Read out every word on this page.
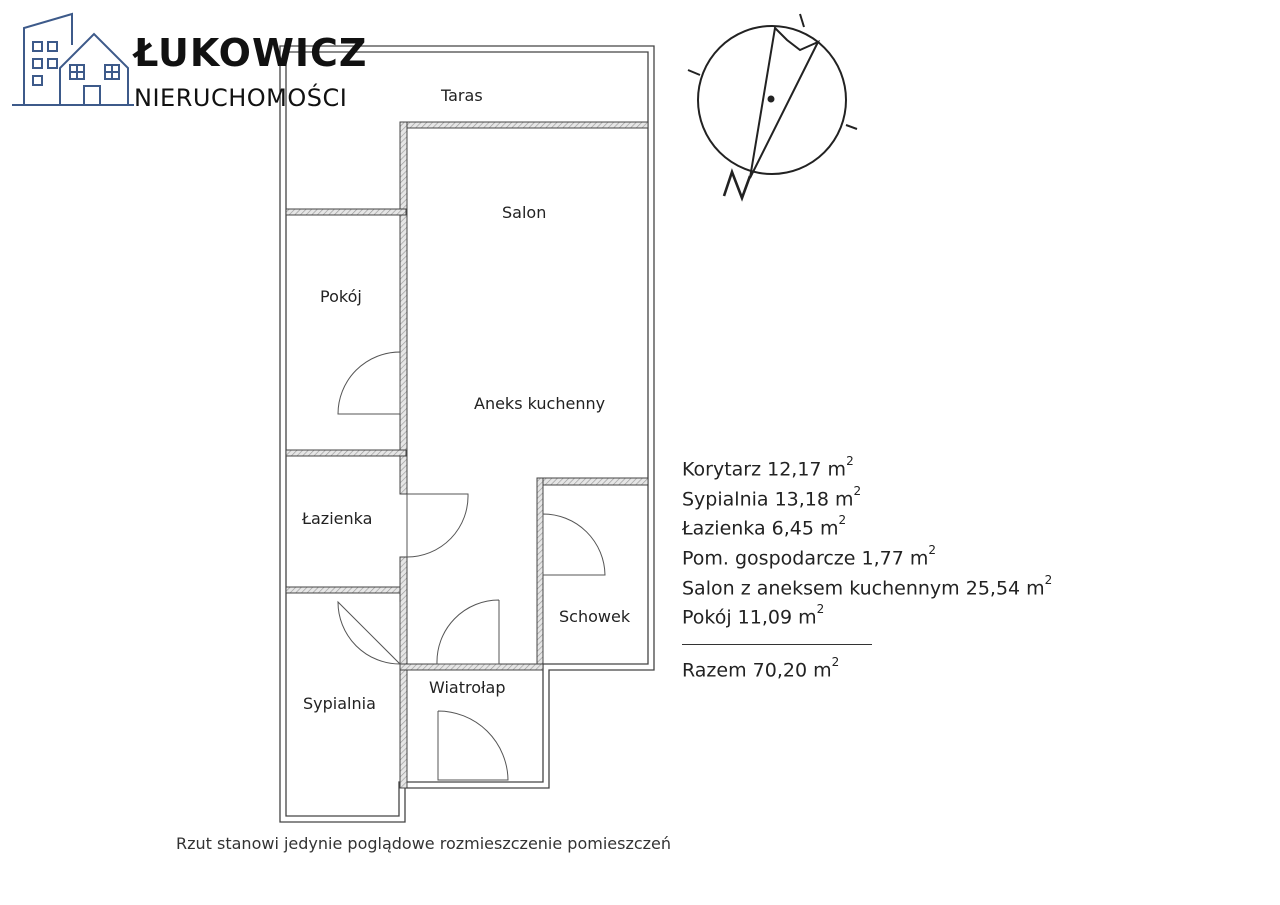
ŁUKOWICZ
NIERUCHOMOŚCI	Taras
Salon
Pokój
Aneks kuchenny
Łazienka
Schowek
Wiatrołap
Sypialnia
Korytarz 12,17 $m^2$
Sypialnia 13,18 $m^2$
Łazienka 6,45 $m^2$
Pom. gospodarcze 1,77 $m^2$
Salon z aneksem kuchennym 25,54 $m^2$
Pokój 11,09 $m^2$
Razem 70,20 $m^2$
Rzut stanowi jedynie poglądowe rozmieszczenie pomieszczeń
